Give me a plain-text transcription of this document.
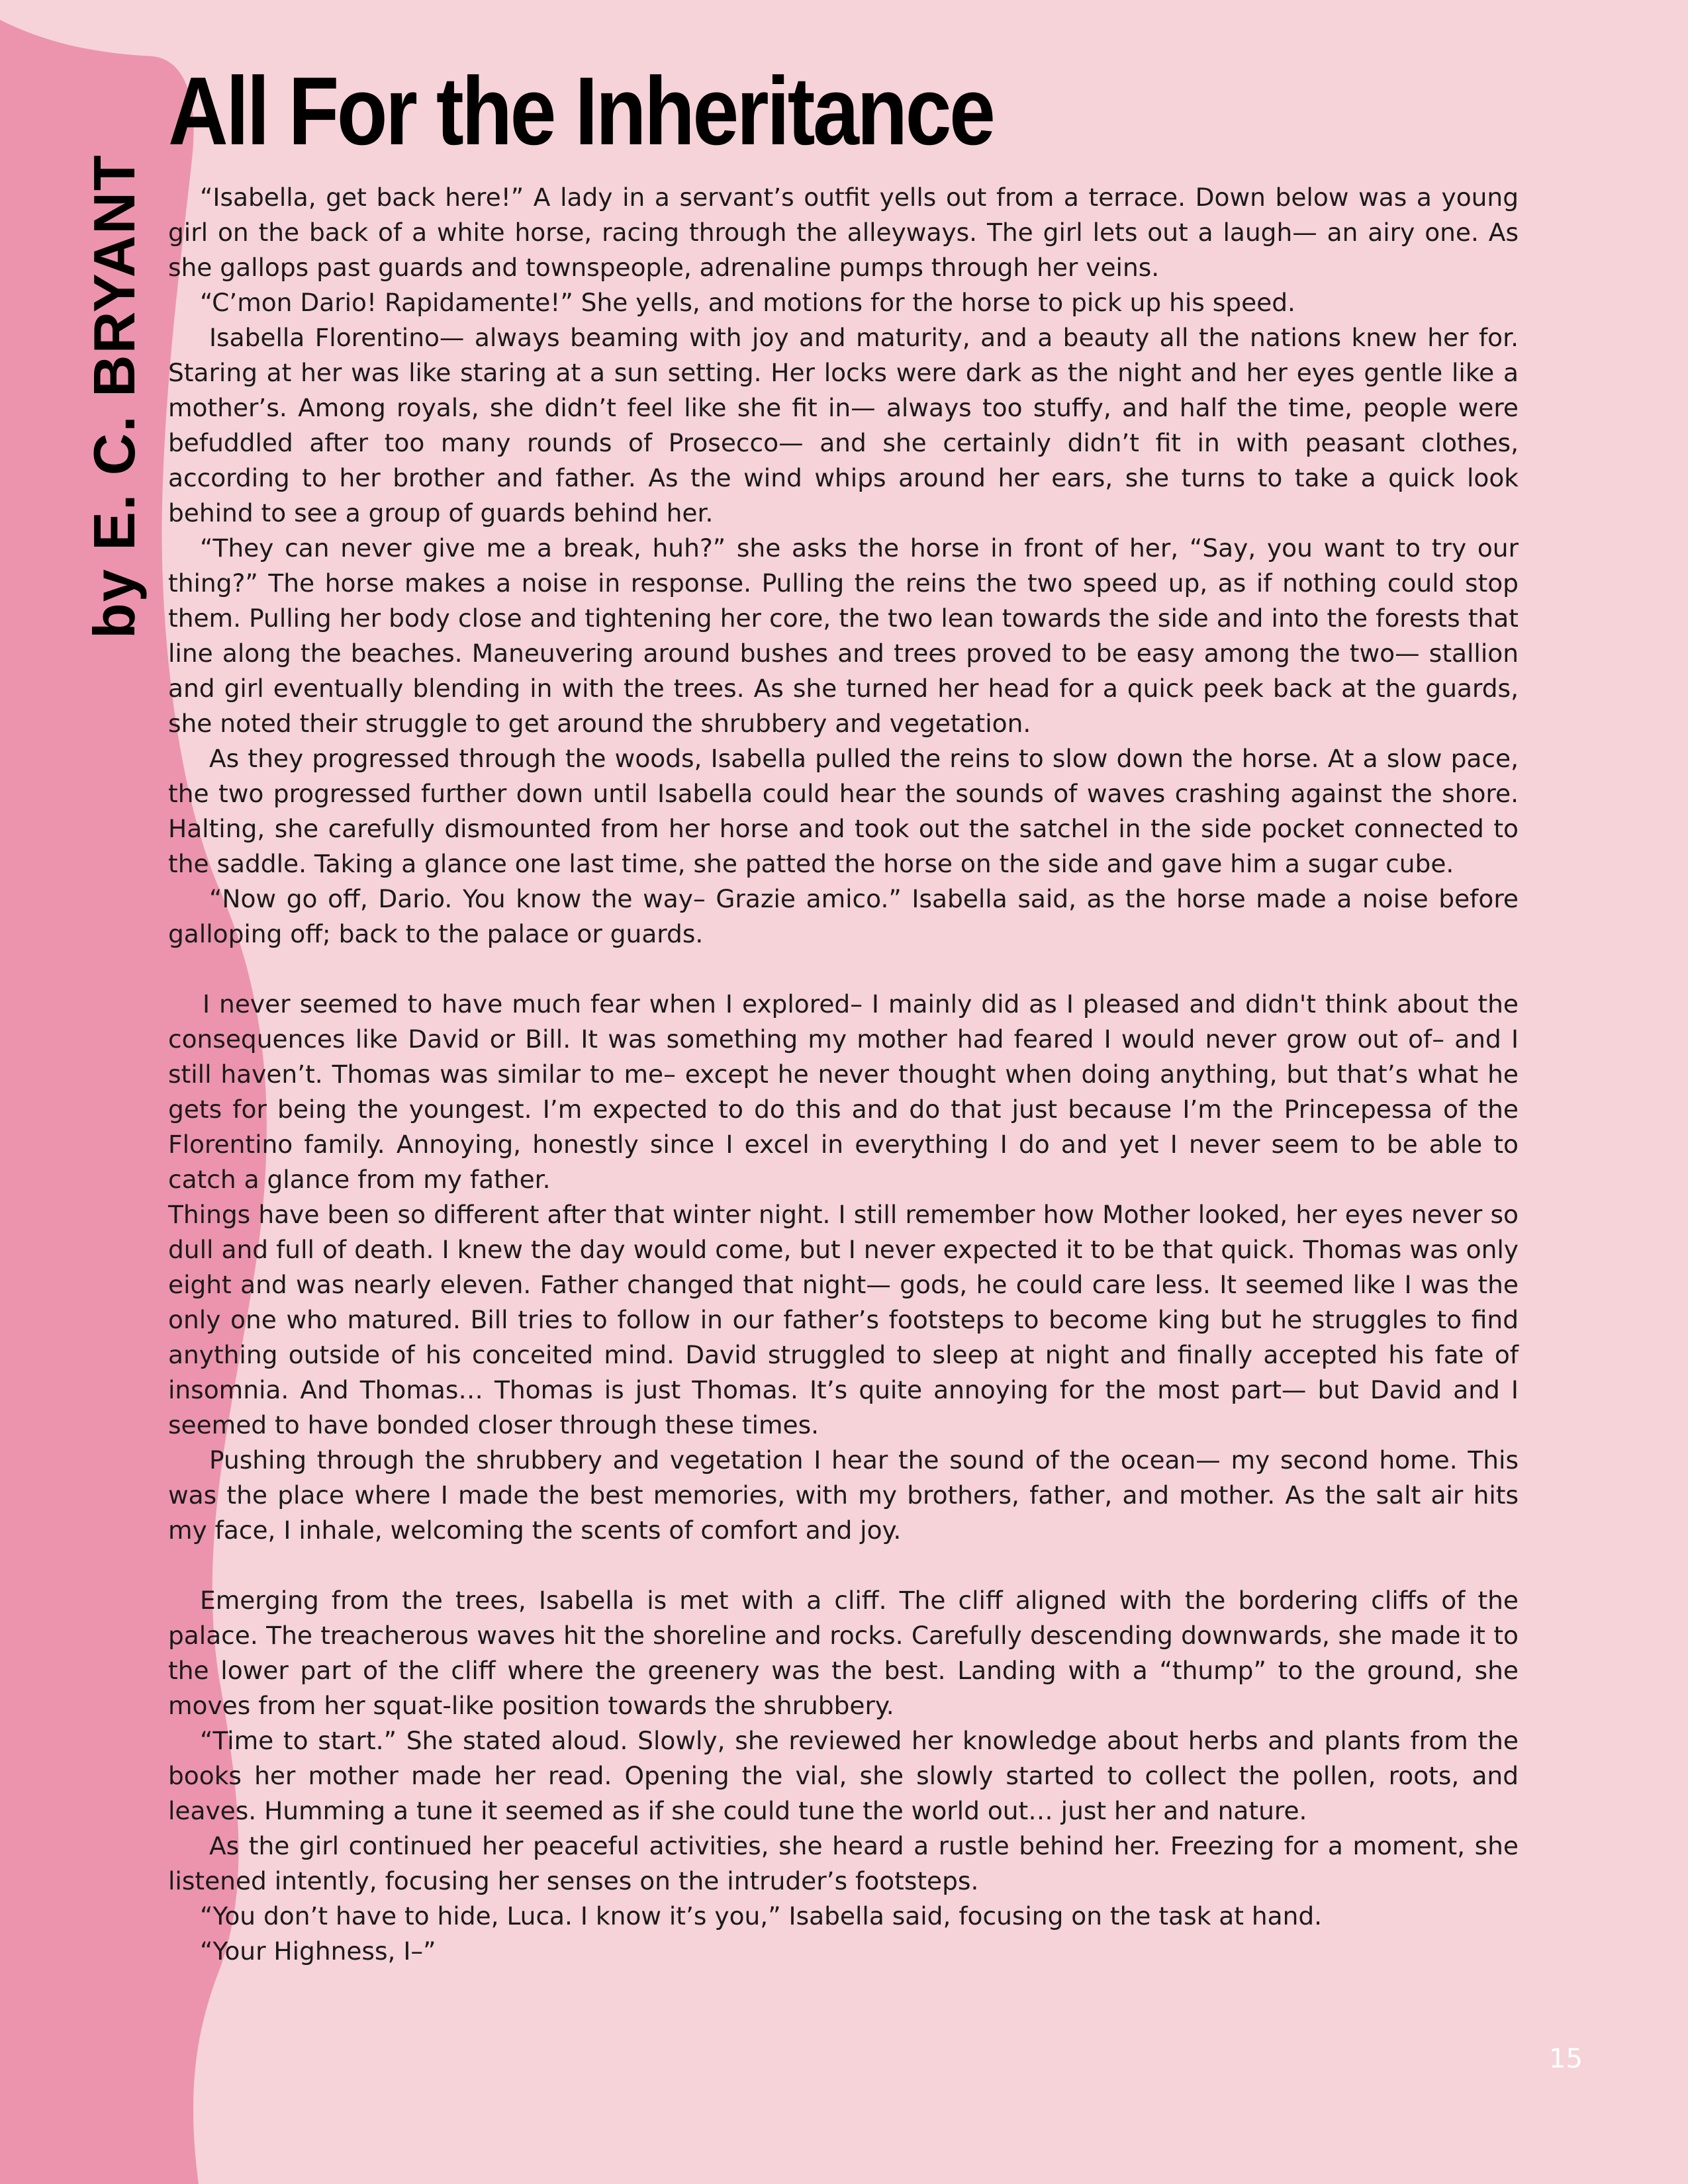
All For the Inheritance
by E. C. BRYANT	“Isabella, get back here!” A lady in a servant’s outfit yells out from a terrace. Down below was a young girl on the back of a white horse, racing through the alleyways. The girl lets out a laugh— an airy one. As she gallops past guards and townspeople, adrenaline pumps through her veins.

“C’mon Dario! Rapidamente!” She yells, and motions for the horse to pick up his speed.

Isabella Florentino— always beaming with joy and maturity, and a beauty all the nations knew her for. Staring at her was like staring at a sun setting. Her locks were dark as the night and her eyes gentle like a mother’s. Among royals, she didn’t feel like she fit in— always too stuffy, and half the time, people were befuddled after too many rounds of Prosecco— and she certainly didn’t fit in with peasant clothes, according to her brother and father. As the wind whips around her ears, she turns to take a quick look behind to see a group of guards behind her.

“They can never give me a break, huh?” she asks the horse in front of her, “Say, you want to try our thing?” The horse makes a noise in response. Pulling the reins the two speed up, as if nothing could stop them. Pulling her body close and tightening her core, the two lean towards the side and into the forests that line along the beaches. Maneuvering around bushes and trees proved to be easy among the two— stallion and girl eventually blending in with the trees. As she turned her head for a quick peek back at the guards, she noted their struggle to get around the shrubbery and vegetation.

As they progressed through the woods, Isabella pulled the reins to slow down the horse. At a slow pace, the two progressed further down until Isabella could hear the sounds of waves crashing against the shore. Halting, she carefully dismounted from her horse and took out the satchel in the side pocket connected to the saddle. Taking a glance one last time, she patted the horse on the side and gave him a sugar cube.

“Now go off, Dario. You know the way– Grazie amico.” Isabella said, as the horse made a noise before galloping off; back to the palace or guards.

I never seemed to have much fear when I explored– I mainly did as I pleased and didn't think about the consequences like David or Bill. It was something my mother had feared I would never grow out of– and I still haven’t. Thomas was similar to me– except he never thought when doing anything, but that’s what he gets for being the youngest. I’m expected to do this and do that just because I’m the Princepessa of the Florentino family. Annoying, honestly since I excel in everything I do and yet I never seem to be able to catch a glance from my father.

Things have been so different after that winter night. I still remember how Mother looked, her eyes never so dull and full of death. I knew the day would come, but I never expected it to be that quick. Thomas was only eight and was nearly eleven. Father changed that night— gods, he could care less. It seemed like I was the only one who matured. Bill tries to follow in our father’s footsteps to become king but he struggles to find anything outside of his conceited mind. David struggled to sleep at night and finally accepted his fate of insomnia. And Thomas… Thomas is just Thomas. It’s quite annoying for the most part— but David and I seemed to have bonded closer through these times.

Pushing through the shrubbery and vegetation I hear the sound of the ocean— my second home. This was the place where I made the best memories, with my brothers, father, and mother. As the salt air hits my face, I inhale, welcoming the scents of comfort and joy.

Emerging from the trees, Isabella is met with a cliff. The cliff aligned with the bordering cliffs of the palace. The treacherous waves hit the shoreline and rocks. Carefully descending downwards, she made it to the lower part of the cliff where the greenery was the best. Landing with a “thump” to the ground, she moves from her squat-like position towards the shrubbery.

“Time to start.” She stated aloud. Slowly, she reviewed her knowledge about herbs and plants from the books her mother made her read. Opening the vial, she slowly started to collect the pollen, roots, and leaves. Humming a tune it seemed as if she could tune the world out… just her and nature.

As the girl continued her peaceful activities, she heard a rustle behind her. Freezing for a moment, she listened intently, focusing her senses on the intruder’s footsteps.

“You don’t have to hide, Luca. I know it’s you,” Isabella said, focusing on the task at hand.

“Your Highness, I–”

15
